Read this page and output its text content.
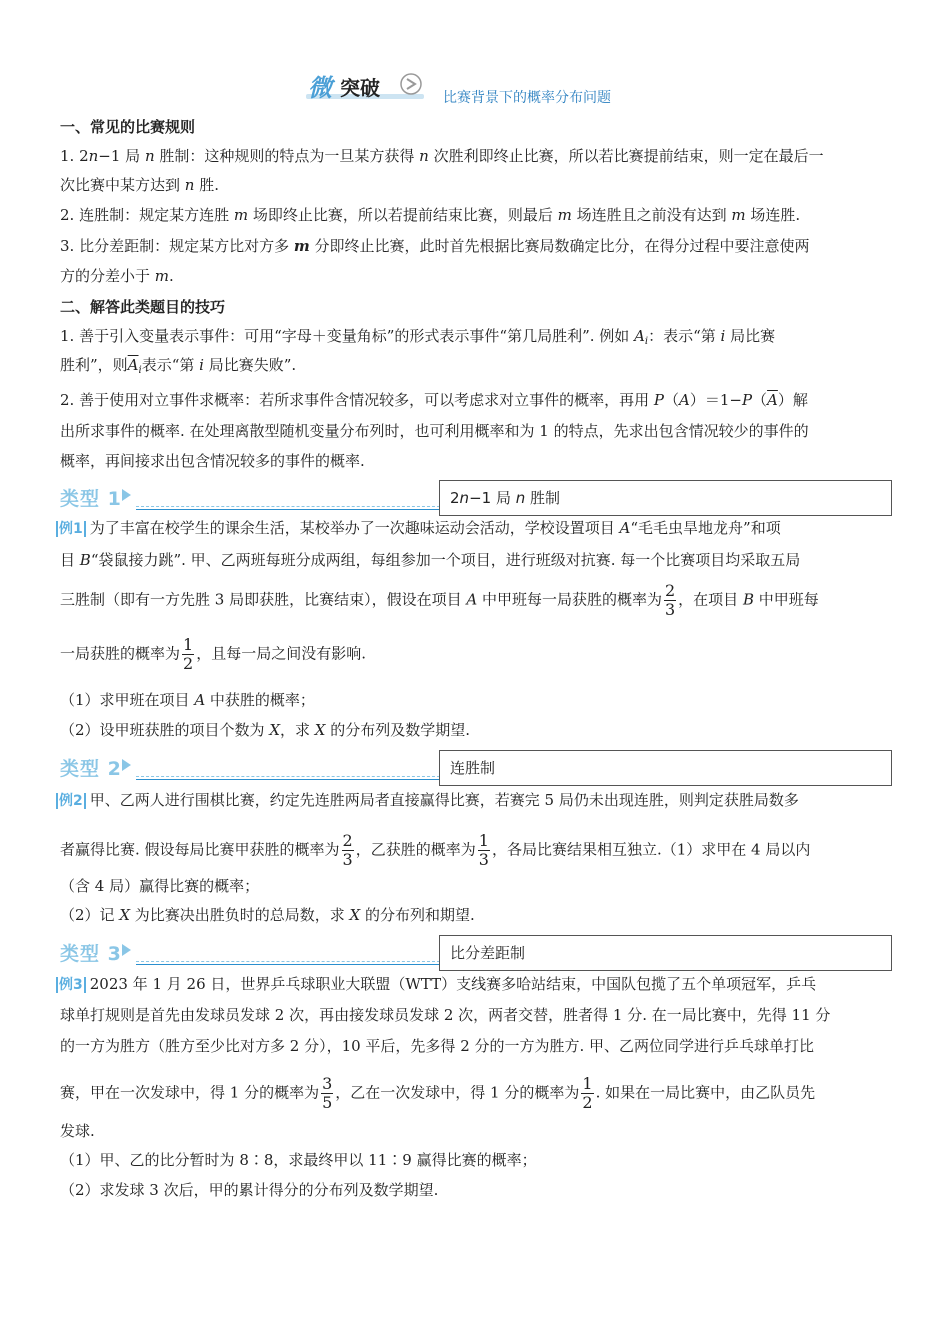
微 突破	比赛背景下的概率分布问题
一、常见的比赛规则
1. 2n−1 局 n 胜制：这种规则的特点为一旦某方获得 n 次胜利即终止比赛，所以若比赛提前结束，则一定在最后一
次比赛中某方达到 n 胜.
2. 连胜制：规定某方连胜 m 场即终止比赛，所以若提前结束比赛，则最后 m 场连胜且之前没有达到 m 场连胜.
3. 比分差距制：规定某方比对方多 m 分即终止比赛，此时首先根据比赛局数确定比分，在得分过程中要注意使两
方的分差小于 m.
二、解答此类题目的技巧
1. 善于引入变量表示事件：可用“字母＋变量角标”的形式表示事件“第几局胜利”. 例如 $A_i$：表示“第 i 局比赛
胜利”，则$\overline{A}_i$表示“第 i 局比赛失败”.
2. 善于使用对立事件求概率：若所求事件含情况较多，可以考虑求对立事件的概率，再用 $P(A)=1-P(\overline{A})$解
出所求事件的概率. 在处理离散型随机变量分布列时，也可利用概率和为 1 的特点，先求出包含情况较少的事件的
概率，再间接求出包含情况较多的事件的概率.
类型 1	2n−1 局 n 胜制
例1 为了丰富在校学生的课余生活，某校举办了一次趣味运动会活动，学校设置项目 A“毛毛虫旱地龙舟”和项
目 B“袋鼠接力跳”. 甲、乙两班每班分成两组，每组参加一个项目，进行班级对抗赛. 每一个比赛项目均采取五局
三胜制（即有一方先胜 3 局即获胜，比赛结束），假设在项目 A 中甲班每一局获胜的概率为 $\frac{2}{3}$ ，在项目 B 中甲班每
一局获胜的概率为 $\frac{1}{2}$ ，且每一局之间没有影响.
（1）求甲班在项目 A 中获胜的概率；
（2）设甲班获胜的项目个数为 X，求 X 的分布列及数学期望.
类型 2	连胜制
例2 甲、乙两人进行围棋比赛，约定先连胜两局者直接赢得比赛，若赛完 5 局仍未出现连胜，则判定获胜局数多
者赢得比赛. 假设每局比赛甲获胜的概率为 $\frac{2}{3}$ ，乙获胜的概率为 $\frac{1}{3}$ ，各局比赛结果相互独立.（1）求甲在 4 局以内
（含 4 局）赢得比赛的概率；
（2）记 X 为比赛决出胜负时的总局数，求 X 的分布列和期望.
类型 3	比分差距制
例3 2023 年 1 月 26 日，世界乒乓球职业大联盟（WTT）支线赛多哈站结束，中国队包揽了五个单项冠军，乒乓
球单打规则是首先由发球员发球 2 次，再由接发球员发球 2 次，两者交替，胜者得 1 分. 在一局比赛中，先得 11 分
的一方为胜方（胜方至少比对方多 2 分），10 平后，先多得 2 分的一方为胜方. 甲、乙两位同学进行乒乓球单打比
赛，甲在一次发球中，得 1 分的概率为 $\frac{3}{5}$ ，乙在一次发球中，得 1 分的概率为 $\frac{1}{2}$ . 如果在一局比赛中，由乙队员先
发球.
（1）甲、乙的比分暂时为 8∶8，求最终甲以 11∶9 赢得比赛的概率；
（2）求发球 3 次后，甲的累计得分的分布列及数学期望.
